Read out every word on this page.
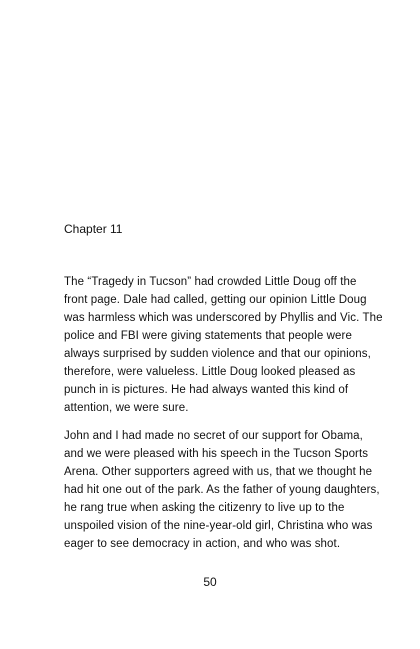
Chapter 11

The “Tragedy in Tucson” had crowded Little Doug off the
front page. Dale had called, getting our opinion Little Doug
was harmless which was underscored by Phyllis and Vic. The
police and FBI were giving statements that people were
always surprised by sudden violence and that our opinions,
therefore, were valueless. Little Doug looked pleased as
punch in is pictures. He had always wanted this kind of
attention, we were sure.

John and I had made no secret of our support for Obama,
and we were pleased with his speech in the Tucson Sports
Arena. Other supporters agreed with us, that we thought he
had hit one out of the park. As the father of young daughters,
he rang true when asking the citizenry to live up to the
unspoiled vision of the nine-year-old girl, Christina who was
eager to see democracy in action, and who was shot.

50
